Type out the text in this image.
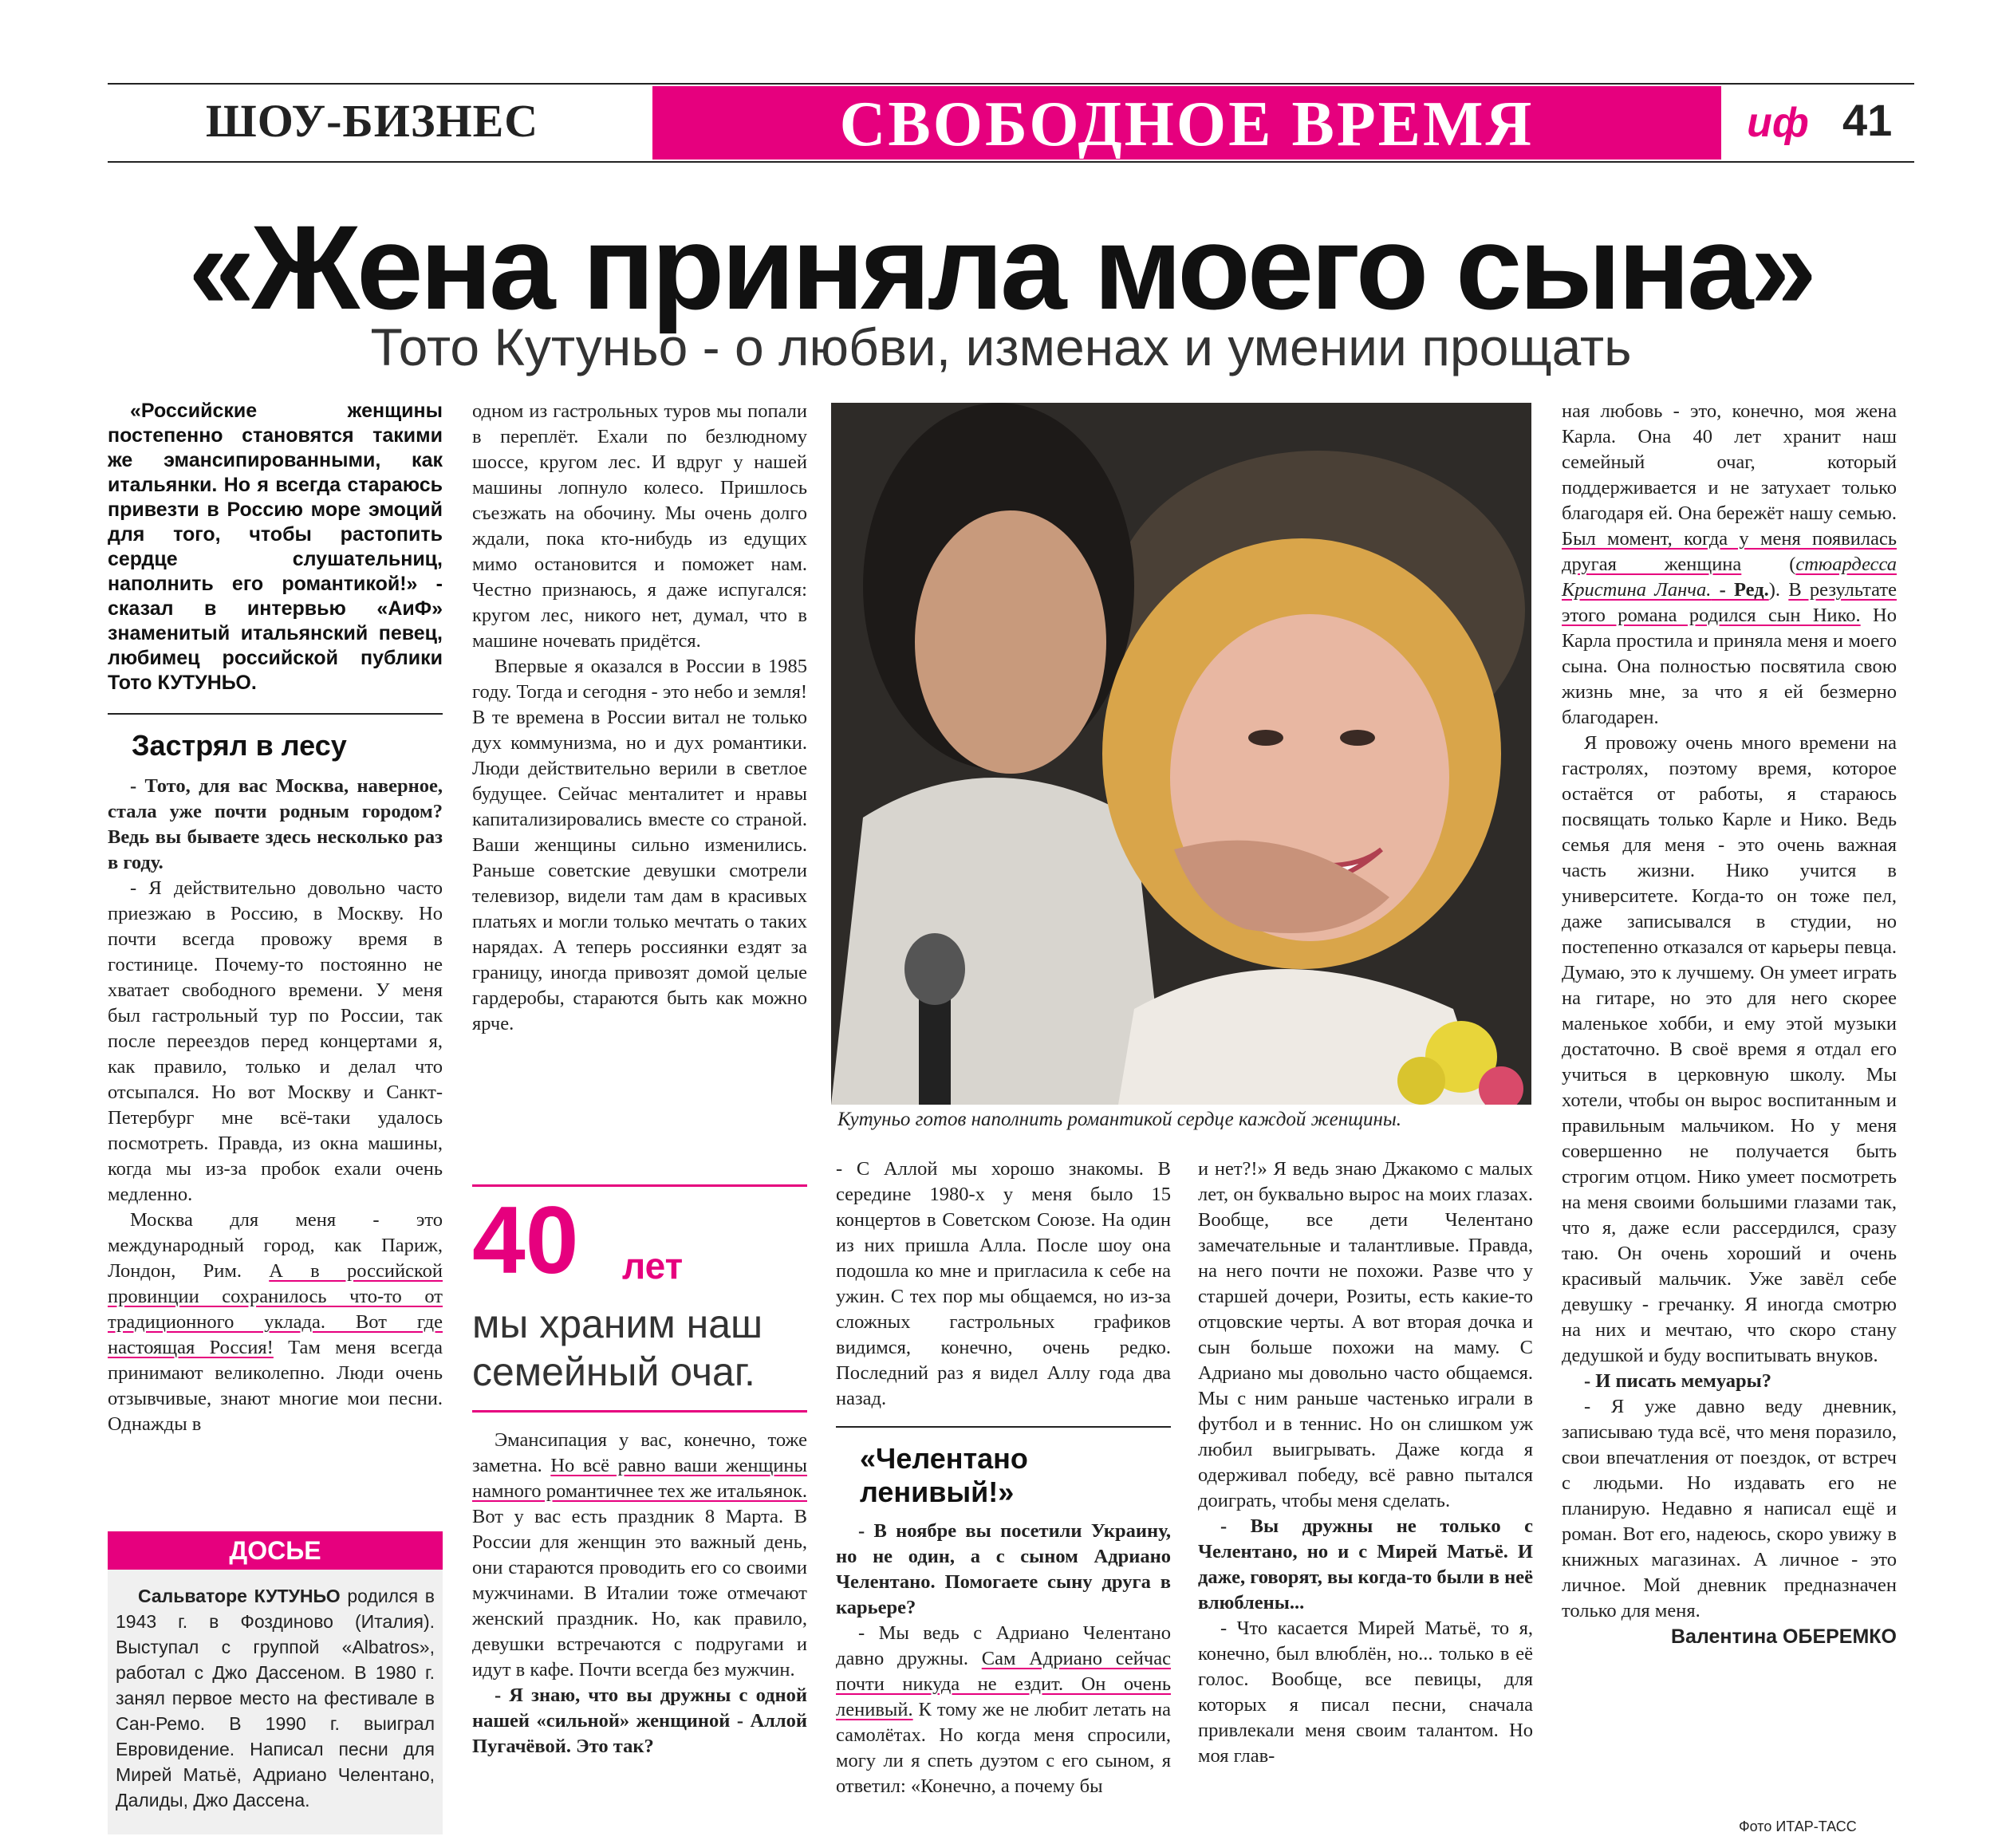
ШОУ-БИЗНЕС	СВОБОДНОЕ ВРЕМЯ	иф 41
«Жена приняла моего сына»
Тото Кутуньо - о любви, изменах и умении прощать

«Российские женщины постепенно становятся такими же эмансипированными, как итальянки. Но я всегда стараюсь привезти в Россию море эмоций для того, чтобы растопить сердце слушательниц, наполнить его романтикой!» - сказал в интервью «АиФ» знаменитый итальянский певец, любимец российской публики Тото КУТУНЬО.

Застрял в лесу

- Тото, для вас Москва, наверное, стала уже почти родным городом? Ведь вы бываете здесь несколько раз в году.

- Я действительно довольно часто приезжаю в Россию, в Москву. Но почти всегда провожу время в гостинице. Почему-то постоянно не хватает свободного времени. У меня был гастрольный тур по России, так после переездов перед концертами я, как правило, только и делал что отсыпался. Но вот Москву и Санкт-Петербург мне всё-таки удалось посмотреть. Правда, из окна машины, когда мы из-за пробок ехали очень медленно.

Москва для меня - это международный город, как Париж, Лондон, Рим. А в российской провинции сохранилось что-то от традиционного уклада. Вот где настоящая Россия! Там меня всегда принимают великолепно. Люди очень отзывчивые, знают многие мои песни. Однажды в

ДОСЬЕ
Сальваторе КУТУНЬО родился в 1943 г. в Фоздиново (Италия). Выступал с группой «Albatros», работал с Джо Дассеном. В 1980 г. занял первое место на фестивале в Сан-Ремо. В 1990 г. выиграл Евровидение. Написал песни для Мирей Матьё, Адриано Челентано, Далиды, Джо Дассена.

одном из гастрольных туров мы попали в переплёт. Ехали по безлюдному шоссе, кругом лес. И вдруг у нашей машины лопнуло колесо. Пришлось съезжать на обочину. Мы очень долго ждали, пока кто-нибудь из едущих мимо остановится и поможет нам. Честно признаюсь, я даже испугался: кругом лес, никого нет, думал, что в машине ночевать придётся.

Впервые я оказался в России в 1985 году. Тогда и сегодня - это небо и земля! В те времена в России витал не только дух коммунизма, но и дух романтики. Люди действительно верили в светлое будущее. Сейчас менталитет и нравы капитализировались вместе со страной. Ваши женщины сильно изменились. Раньше советские девушки смотрели телевизор, видели там дам в красивых платьях и могли только мечтать о таких нарядах. А теперь россиянки ездят за границу, иногда привозят домой целые гардеробы, стараются быть как можно ярче.

40 лет
мы храним наш семейный очаг.

Эмансипация у вас, конечно, тоже заметна. Но всё равно ваши женщины намного романтичнее тех же итальянок. Вот у вас есть праздник 8 Марта. В России для женщин это важный день, они стараются проводить его со своими мужчинами. В Италии тоже отмечают женский праздник. Но, как правило, девушки встречаются с подругами и идут в кафе. Почти всегда без мужчин.

- Я знаю, что вы дружны с одной нашей «сильной» женщиной - Аллой Пугачёвой. Это так?

Кутуньо готов наполнить романтикой сердце каждой женщины.

- С Аллой мы хорошо знакомы. В середине 1980-х у меня было 15 концертов в Советском Союзе. На один из них пришла Алла. После шоу она подошла ко мне и пригласила к себе на ужин. С тех пор мы общаемся, но из-за сложных гастрольных графиков видимся, конечно, очень редко. Последний раз я видел Аллу года два назад.

«Челентано ленивый!»

- В ноябре вы посетили Украину, но не один, а с сыном Адриано Челентано. Помогаете сыну друга в карьере?

- Мы ведь с Адриано Челентано давно дружны. Сам Адриано сейчас почти никуда не ездит. Он очень ленивый. К тому же не любит летать на самолётах. Но когда меня спросили, могу ли я спеть дуэтом с его сыном, я ответил: «Конечно, а почему бы

и нет?!» Я ведь знаю Джакомо с малых лет, он буквально вырос на моих глазах. Вообще, все дети Челентано замечательные и талантливые. Правда, на него почти не похожи. Разве что у старшей дочери, Розиты, есть какие-то отцовские черты. А вот вторая дочка и сын больше похожи на маму. С Адриано мы довольно часто общаемся. Мы с ним раньше частенько играли в футбол и в теннис. Но он слишком уж любил выигрывать. Даже когда я одерживал победу, всё равно пытался доиграть, чтобы меня сделать.

- Вы дружны не только с Челентано, но и с Мирей Матьё. И даже, говорят, вы когда-то были в неё влюблены...

- Что касается Мирей Матьё, то я, конечно, был влюблён, но... только в её голос. Вообще, все певицы, для которых я писал песни, сначала привлекали меня своим талантом. Но моя глав-

ная любовь - это, конечно, моя жена Карла. Она 40 лет хранит наш семейный очаг, который поддерживается и не затухает только благодаря ей. Она бережёт нашу семью. Был момент, когда у меня появилась другая женщина (стюардесса Кристина Ланча. - Ред.). В результате этого романа родился сын Нико. Но Карла простила и приняла меня и моего сына. Она полностью посвятила свою жизнь мне, за что я ей безмерно благодарен.

Я провожу очень много времени на гастролях, поэтому время, которое остаётся от работы, я стараюсь посвящать только Карле и Нико. Ведь семья для меня - это очень важная часть жизни. Нико учится в университете. Когда-то он тоже пел, даже записывался в студии, но постепенно отказался от карьеры певца. Думаю, это к лучшему. Он умеет играть на гитаре, но это для него скорее маленькое хобби, и ему этой музыки достаточно. В своё время я отдал его учиться в церковную школу. Мы хотели, чтобы он вырос воспитанным и правильным мальчиком. Но у меня совершенно не получается быть строгим отцом. Нико умеет посмотреть на меня своими большими глазами так, что я, даже если рассердился, сразу таю. Он очень хороший и очень красивый мальчик. Уже завёл себе девушку - гречанку. Я иногда смотрю на них и мечтаю, что скоро стану дедушкой и буду воспитывать внуков.

- И писать мемуары?

- Я уже давно веду дневник, записываю туда всё, что меня поразило, свои впечатления от поездок, от встреч с людьми. Но издавать его не планирую. Недавно я написал ещё и роман. Вот его, надеюсь, скоро увижу в книжных магазинах. А личное - это личное. Мой дневник предназначен только для меня.

Валентина ОБЕРЕМКО
Фото ИТАР-ТАСС
